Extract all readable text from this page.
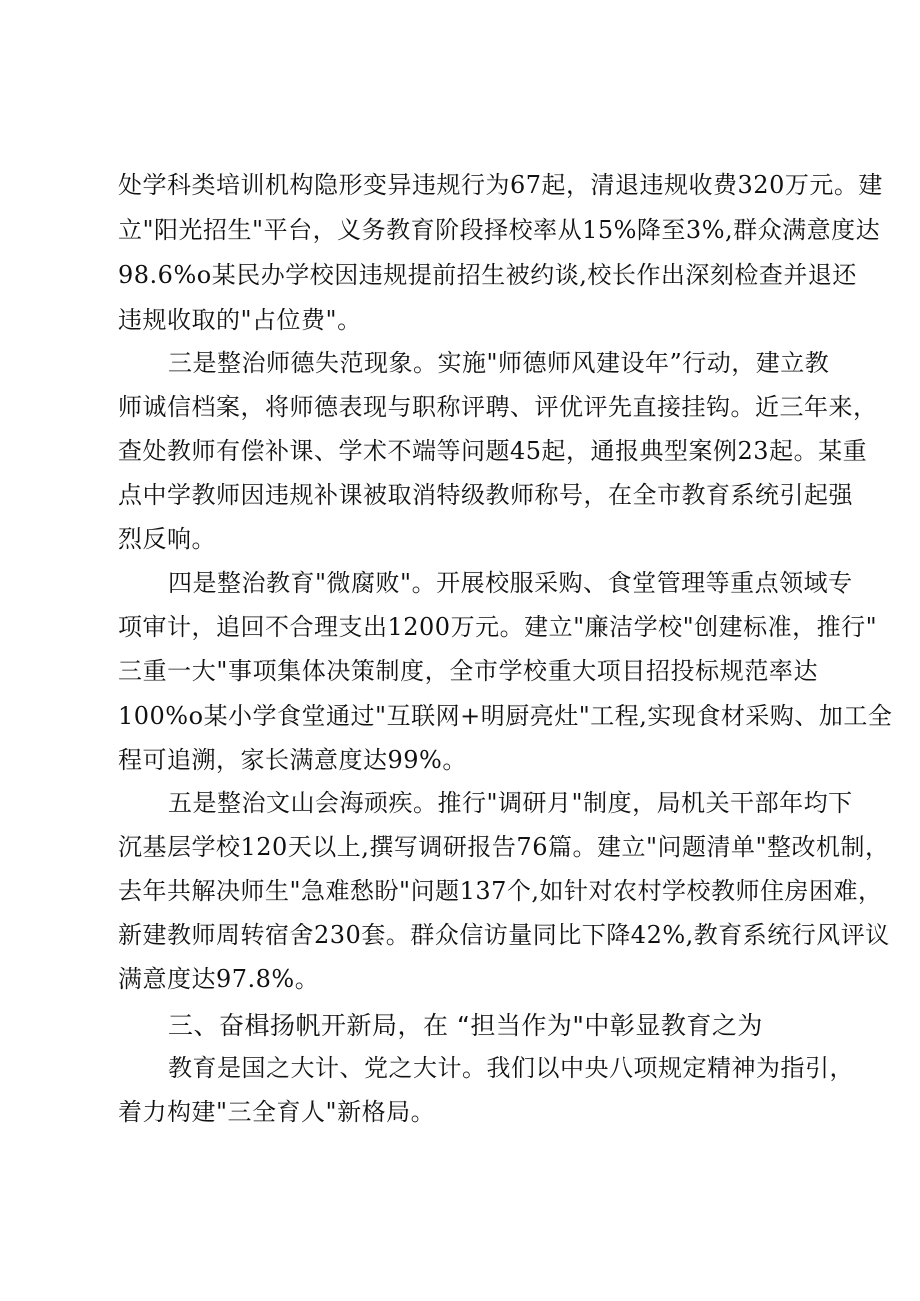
处学科类培训机构隐形变异违规行为67起，清退违规收费320万元。建
立"阳光招生"平台，义务教育阶段择校率从15%降至3%,群众满意度达
98.6%o某民办学校因违规提前招生被约谈,校长作出深刻检查并退还
违规收取的"占位费"。
三是整治师德失范现象。实施"师德师风建设年”行动，建立教
师诚信档案，将师德表现与职称评聘、评优评先直接挂钩。近三年来，
查处教师有偿补课、学术不端等问题45起，通报典型案例23起。某重
点中学教师因违规补课被取消特级教师称号，在全市教育系统引起强
烈反响。
四是整治教育"微腐败"。开展校服采购、食堂管理等重点领域专
项审计，追回不合理支出1200万元。建立"廉洁学校"创建标准，推行"
三重一大"事项集体决策制度，全市学校重大项目招投标规范率达
100%o某小学食堂通过"互联网+明厨亮灶"工程,实现食材采购、加工全
程可追溯，家长满意度达99%。
五是整治文山会海顽疾。推行"调研月"制度，局机关干部年均下
沉基层学校120天以上,撰写调研报告76篇。建立"问题清单"整改机制，
去年共解决师生"急难愁盼"问题137个,如针对农村学校教师住房困难，
新建教师周转宿舍230套。群众信访量同比下降42%,教育系统行风评议
满意度达97.8%。
三、奋楫扬帆开新局，在 “担当作为"中彰显教育之为
教育是国之大计、党之大计。我们以中央八项规定精神为指引，
着力构建"三全育人"新格局。
